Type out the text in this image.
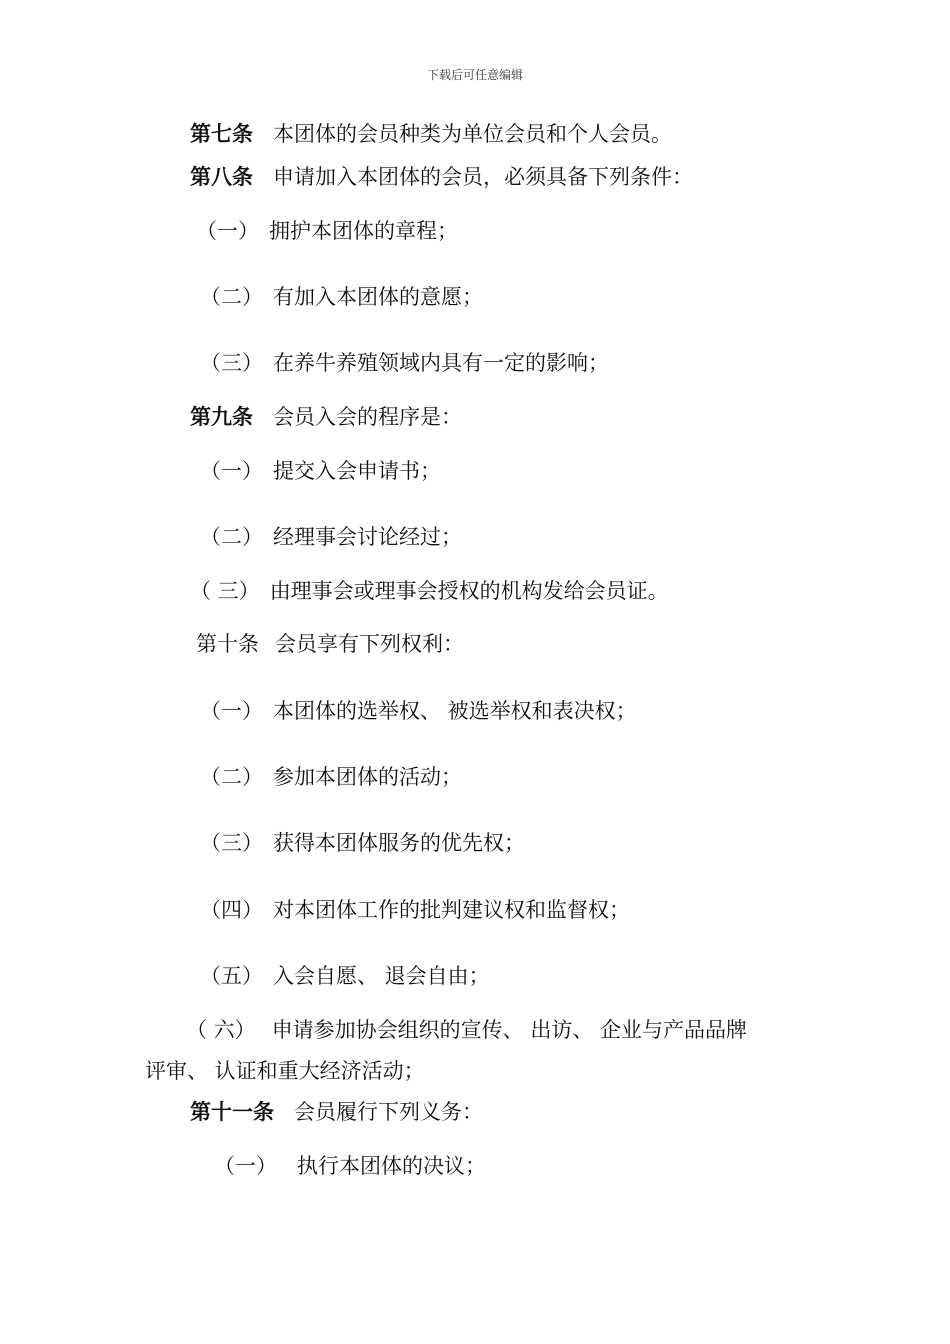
下载后可任意编辑
第七条 本团体的会员种类为单位会员和个人会员。
第八条 申请加入本团体的会员，必须具备下列条件：
（一） 拥护本团体的章程；
（二） 有加入本团体的意愿；
（三） 在养牛养殖领域内具有一定的影响；
第九条 会员入会的程序是：
（一） 提交入会申请书；
（二） 经理事会讨论经过；
（ 三） 由理事会或理事会授权的机构发给会员证。
第十条 会员享有下列权利：
（一） 本团体的选举权、 被选举权和表决权；
（二） 参加本团体的活动；
（三） 获得本团体服务的优先权；
（四） 对本团体工作的批判建议权和监督权；
（五） 入会自愿、 退会自由；
（ 六） 申请参加协会组织的宣传、 出访、 企业与产品品牌
评审、 认证和重大经济活动；
第十一条 会员履行下列义务：
（一） 执行本团体的决议；
